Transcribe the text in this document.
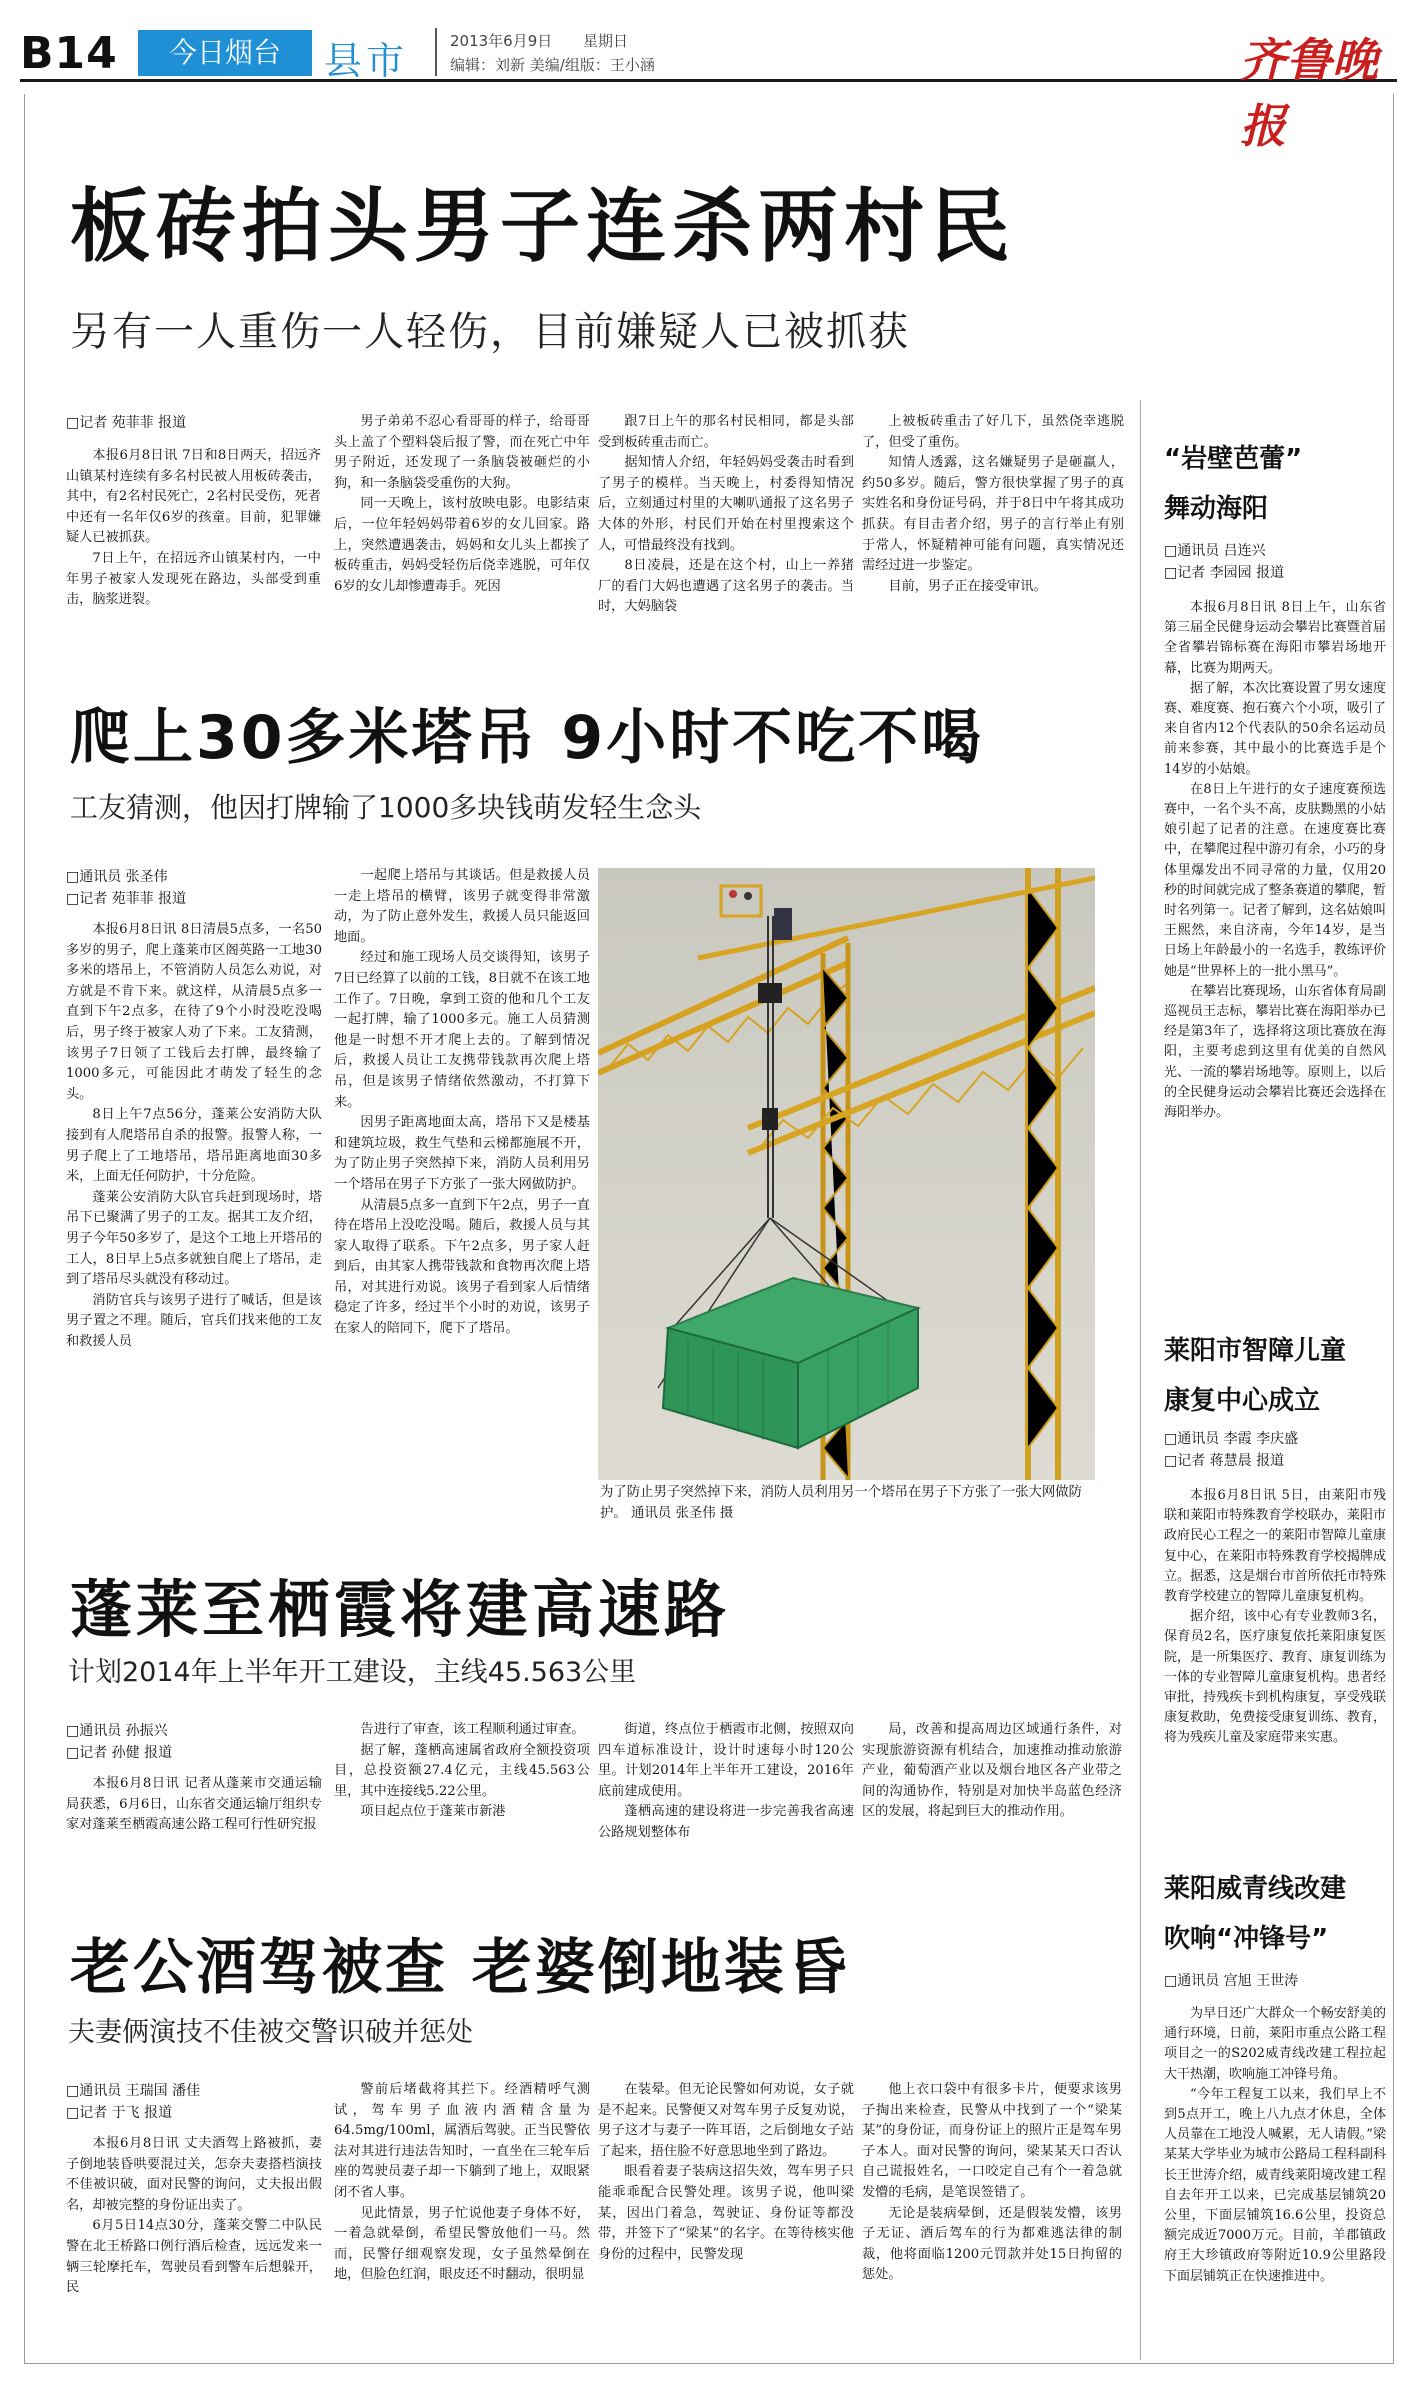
B14	今日烟台	县市	2013年6月9日 星期日
编辑：刘新 美编/组版：王小涵	齐鲁晚报
板砖拍头男子连杀两村民
另有一人重伤一人轻伤，目前嫌疑人已被抓获
□记者 苑菲菲 报道

本报6月8日讯 7日和8日两天，招远齐山镇某村连续有多名村民被人用板砖袭击，其中，有2名村民死亡，2名村民受伤，死者中还有一名年仅6岁的孩童。目前，犯罪嫌疑人已被抓获。

7日上午，在招远齐山镇某村内，一中年男子被家人发现死在路边，头部受到重击，脑浆迸裂。

男子弟弟不忍心看哥哥的样子，给哥哥头上盖了个塑料袋后报了警，而在死亡中年男子附近，还发现了一条脑袋被砸烂的小狗，和一条脑袋受重伤的大狗。

同一天晚上，该村放映电影。电影结束后，一位年轻妈妈带着6岁的女儿回家。路上，突然遭遇袭击，妈妈和女儿头上都挨了板砖重击，妈妈受轻伤后侥幸逃脱，可年仅6岁的女儿却惨遭毒手。死因

跟7日上午的那名村民相同，都是头部受到板砖重击而亡。

据知情人介绍，年轻妈妈受袭击时看到了男子的模样。当天晚上，村委得知情况后，立刻通过村里的大喇叭通报了这名男子大体的外形，村民们开始在村里搜索这个人，可惜最终没有找到。

8日凌晨，还是在这个村，山上一养猪厂的看门大妈也遭遇了这名男子的袭击。当时，大妈脑袋

上被板砖重击了好几下，虽然侥幸逃脱了，但受了重伤。

知情人透露，这名嫌疑男子是砸羸人，约50多岁。随后，警方很快掌握了男子的真实姓名和身份证号码，并于8日中午将其成功抓获。有目击者介绍，男子的言行举止有别于常人，怀疑精神可能有问题，真实情况还需经过进一步鉴定。

目前，男子正在接受审讯。

爬上30多米塔吊 9小时不吃不喝
工友猜测，他因打牌输了1000多块钱萌发轻生念头
□通讯员 张圣伟
□记者 苑菲菲 报道

本报6月8日讯 8日清晨5点多，一名50多岁的男子，爬上蓬莱市区阁英路一工地30多米的塔吊上，不管消防人员怎么劝说，对方就是不肯下来。就这样，从清晨5点多一直到下午2点多，在待了9个小时没吃没喝后，男子终于被家人劝了下来。工友猜测，该男子7日领了工钱后去打牌，最终输了1000多元，可能因此才萌发了轻生的念头。

8日上午7点56分，蓬莱公安消防大队接到有人爬塔吊自杀的报警。报警人称，一男子爬上了工地塔吊，塔吊距离地面30多米，上面无任何防护，十分危险。

蓬莱公安消防大队官兵赶到现场时，塔吊下已聚满了男子的工友。据其工友介绍，男子今年50多岁了，是这个工地上开塔吊的工人，8日早上5点多就独自爬上了塔吊，走到了塔吊尽头就没有移动过。

消防官兵与该男子进行了喊话，但是该男子置之不理。随后，官兵们找来他的工友和救援人员

一起爬上塔吊与其谈话。但是救援人员一走上塔吊的横臂，该男子就变得非常激动，为了防止意外发生，救援人员只能返回地面。

经过和施工现场人员交谈得知，该男子7日已经算了以前的工钱，8日就不在该工地工作了。7日晚，拿到工资的他和几个工友一起打牌，输了1000多元。施工人员猜测他是一时想不开才爬上去的。了解到情况后，救援人员让工友携带钱款再次爬上塔吊，但是该男子情绪依然激动，不打算下来。

因男子距离地面太高，塔吊下又是楼基和建筑垃圾，救生气垫和云梯都施展不开，为了防止男子突然掉下来，消防人员利用另一个塔吊在男子下方张了一张大网做防护。

从清晨5点多一直到下午2点，男子一直待在塔吊上没吃没喝。随后，救援人员与其家人取得了联系。下午2点多，男子家人赶到后，由其家人携带钱款和食物再次爬上塔吊，对其进行劝说。该男子看到家人后情绪稳定了许多，经过半个小时的劝说，该男子在家人的陪同下，爬下了塔吊。

为了防止男子突然掉下来，消防人员利用另一个塔吊在男子下方张了一张大网做防护。 通讯员 张圣伟 摄
蓬莱至栖霞将建高速路
计划2014年上半年开工建设，主线45.563公里
□通讯员 孙振兴
□记者 孙健 报道

本报6月8日讯 记者从蓬莱市交通运输局获悉，6月6日，山东省交通运输厅组织专家对蓬莱至栖霞高速公路工程可行性研究报

告进行了审查，该工程顺利通过审查。

据了解，蓬栖高速属省政府全额投资项目，总投资额27.4亿元，主线45.563公里，其中连接线5.22公里。

项目起点位于蓬莱市新港

街道，终点位于栖霞市北侧，按照双向四车道标准设计，设计时速每小时120公里。计划2014年上半年开工建设，2016年底前建成使用。

蓬栖高速的建设将进一步完善我省高速公路规划整体布

局，改善和提高周边区域通行条件，对实现旅游资源有机结合，加速推动推动旅游产业，葡萄酒产业以及烟台地区各产业带之间的沟通协作，特别是对加快半岛蓝色经济区的发展，将起到巨大的推动作用。

老公酒驾被查 老婆倒地装昏
夫妻俩演技不佳被交警识破并惩处
□通讯员 王瑞国 潘佳
□记者 于飞 报道

本报6月8日讯 丈夫酒驾上路被抓，妻子倒地装昏哄要混过关，怎奈夫妻搭档演技不佳被识破，面对民警的询问，丈夫报出假名，却被完整的身份证出卖了。

6月5日14点30分，蓬莱交警二中队民警在北王桥路口例行酒后检查，远远发来一辆三轮摩托车，驾驶员看到警车后想躲开，民

警前后堵截将其拦下。经酒精呼气测试，驾车男子血液内酒精含量为64.5mg/100ml，属酒后驾驶。正当民警依法对其进行违法告知时，一直坐在三轮车后座的驾驶员妻子却一下躺到了地上，双眼紧闭不省人事。

见此情景，男子忙说他妻子身体不好，一着急就晕倒，希望民警放他们一马。然而，民警仔细观察发现，女子虽然晕倒在地，但脸色红润，眼皮还不时翻动，很明显

在装晕。但无论民警如何劝说，女子就是不起来。民警便又对驾车男子反复劝说，男子这才与妻子一阵耳语，之后倒地女子站了起来，捂住脸不好意思地坐到了路边。

眼看着妻子装病这招失效，驾车男子只能乖乖配合民警处理。该男子说，他叫梁某，因出门着急，驾驶证、身份证等都没带，并签下了“梁某”的名字。在等待核实他身份的过程中，民警发现

他上衣口袋中有很多卡片，便要求该男子掏出来检查，民警从中找到了一个“梁某某”的身份证，而身份证上的照片正是驾车男子本人。面对民警的询问，梁某某天口否认自己谎报姓名，一口咬定自己有个一着急就发懵的毛病，是笔误签错了。

无论是装病晕倒，还是假装发懵，该男子无证、酒后驾车的行为都难逃法律的制裁，他将面临1200元罚款并处15日拘留的惩处。

“岩壁芭蕾”
舞动海阳
□通讯员 吕连兴
□记者 李园园 报道

本报6月8日讯 8日上午，山东省第三届全民健身运动会攀岩比赛暨首届全省攀岩锦标赛在海阳市攀岩场地开幕，比赛为期两天。

据了解，本次比赛设置了男女速度赛、难度赛、抱石赛六个小项，吸引了来自省内12个代表队的50余名运动员前来参赛，其中最小的比赛选手是个14岁的小姑娘。

在8日上午进行的女子速度赛预选赛中，一名个头不高，皮肤黝黑的小姑娘引起了记者的注意。在速度赛比赛中，在攀爬过程中游刃有余，小巧的身体里爆发出不同寻常的力量，仅用20秒的时间就完成了整条赛道的攀爬，暂时名列第一。记者了解到，这名姑娘叫王熙然，来自济南，今年14岁，是当日场上年龄最小的一名选手，教练评价她是“世界杯上的一批小黑马”。

在攀岩比赛现场，山东省体育局副巡视员王志标，攀岩比赛在海阳举办已经是第3年了，选择将这项比赛放在海阳，主要考虑到这里有优美的自然风光、一流的攀岩场地等。原则上，以后的全民健身运动会攀岩比赛还会选择在海阳举办。

莱阳市智障儿童
康复中心成立
□通讯员 李霞 李庆盛
□记者 蒋慧晨 报道

本报6月8日讯 5日，由莱阳市残联和莱阳市特殊教育学校联办，莱阳市政府民心工程之一的莱阳市智障儿童康复中心，在莱阳市特殊教育学校揭牌成立。据悉，这是烟台市首所依托市特殊教育学校建立的智障儿童康复机构。

据介绍，该中心有专业教师3名，保育员2名，医疗康复依托莱阳康复医院，是一所集医疗、教育、康复训练为一体的专业智障儿童康复机构。患者经审批，持残疾卡到机构康复，享受残联康复救助，免费接受康复训练、教育，将为残疾儿童及家庭带来实惠。

莱阳威青线改建
吹响“冲锋号”
□通讯员 宫旭 王世涛

为早日还广大群众一个畅安舒美的通行环境，日前，莱阳市重点公路工程项目之一的S202威青线改建工程拉起大干热潮，吹响施工冲锋号角。

“今年工程复工以来，我们早上不到5点开工，晚上八九点才休息，全体人员靠在工地没人喊累，无人请假。”梁某某大学毕业为城市公路局工程科副科长王世涛介绍，威青线莱阳境改建工程自去年开工以来，已完成基层铺筑20公里，下面层铺筑16.6公里，投资总额完成近7000万元。目前，羊郡镇政府王大珍镇政府等附近10.9公里路段下面层铺筑正在快速推进中。
